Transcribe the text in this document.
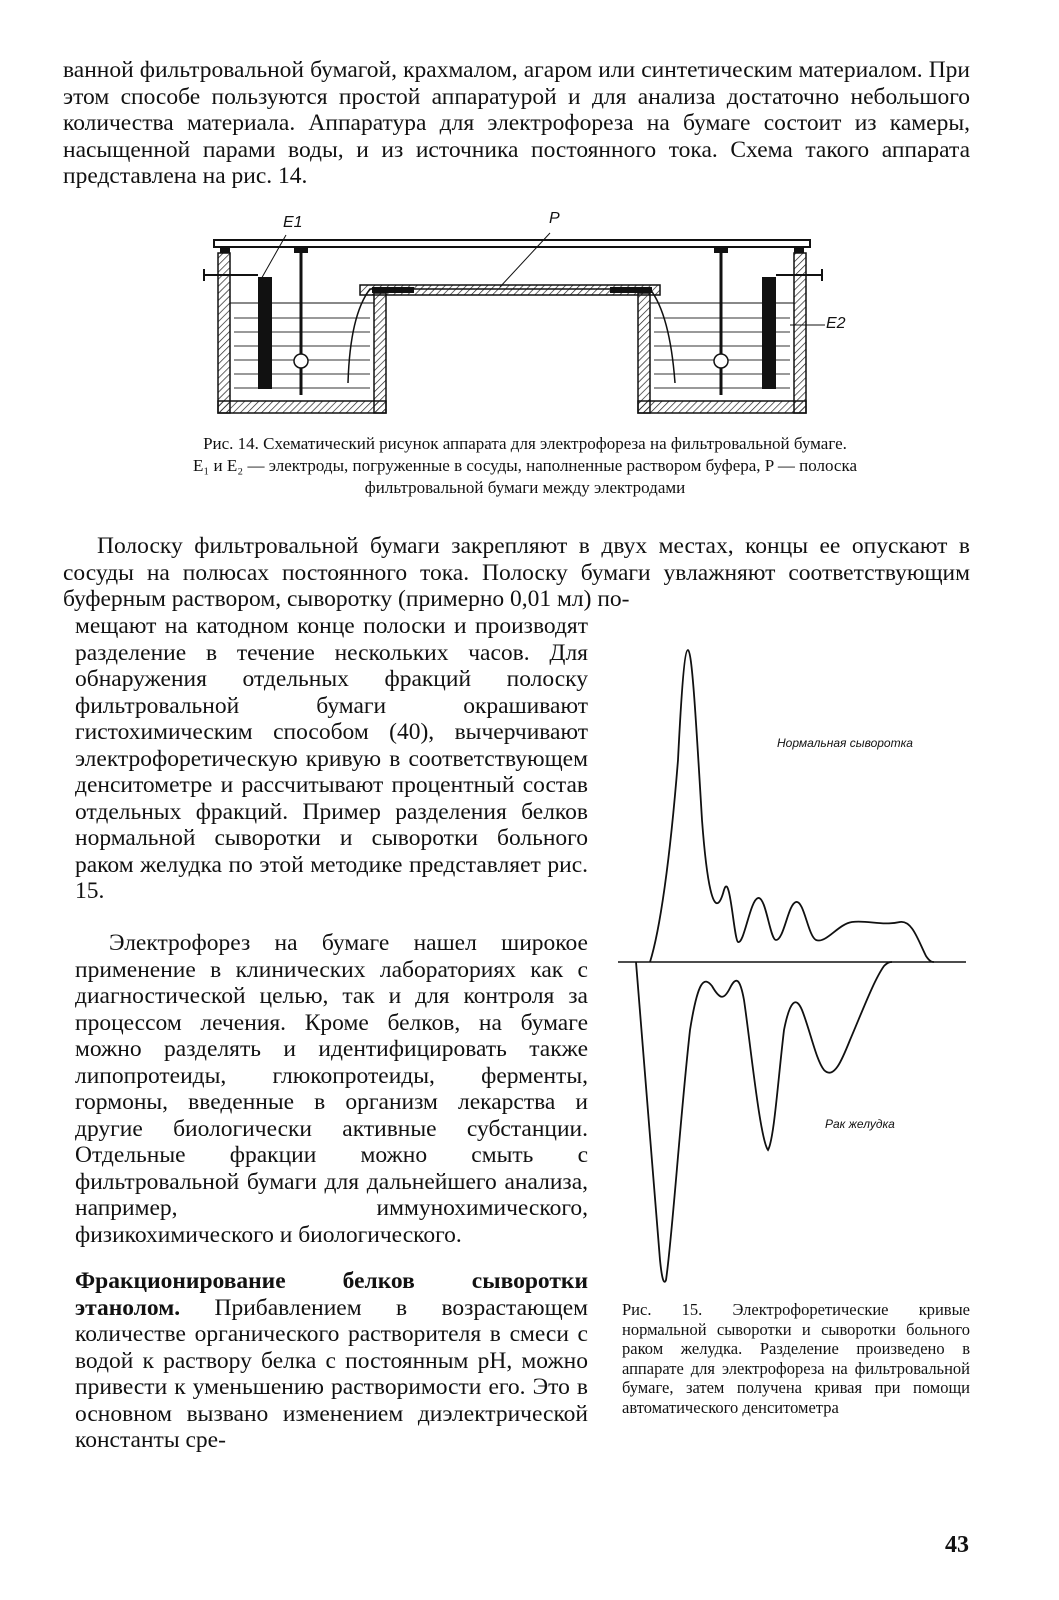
ванной фильтровальной бумагой, крахмалом, агаром или синтетическим материалом. При этом способе пользуются простой аппаратурой и для анализа достаточно небольшого количества материала. Аппаратура для электрофореза на бумаге состоит из камеры, насыщенной парами воды, и из источника постоянного тока. Схема такого аппарата представлена на рис. 14.

E1	P
E2

Рис. 14. Схематический рисунок аппарата для электрофореза на фильтровальной бумаге.

E₁ и E₂ — электроды, погруженные в сосуды, наполненные раствором буфера, P — полоска

фильтровальной бумаги между электродами

Полоску фильтровальной бумаги закрепляют в двух местах, концы ее опускают в сосуды на полюсах постоянного тока. Полоску бумаги увлажняют соответствующим буферным раствором, сыворотку (примерно 0,01 мл) по-

мещают на катодном конце полоски и производят разделение в течение нескольких часов. Для обнаружения отдельных фракций полоску фильтровальной бумаги окрашивают гистохимическим способом (40), вычерчивают электрофоретическую кривую в соответствующем денситометре и рассчитывают процентный состав отдельных фракций. Пример разделения белков нормальной сыворотки и сыворотки больного раком желудка по этой методике представляет рис. 15.

Электрофорез на бумаге нашел широкое применение в клинических лабораториях как с диагностической целью, так и для контроля за процессом лечения. Кроме белков, на бумаге можно разделять и идентифицировать также липопротеиды, глюкопротеиды, ферменты, гормоны, введенные в организм лекарства и другие биологически активные субстанции. Отдельные фракции можно смыть с фильтровальной бумаги для дальнейшего анализа, например, иммунохимического, физикохимического и биологического.

Фракционирование белков сыворотки этанолом. Прибавлением в возрастающем количестве органического растворителя в смеси с водой к раствору белка с постоянным pH, можно привести к уменьшению растворимости его. Это в основном вызвано изменением диэлектрической константы сре-

Нормальная сыворотка
Рак желудка

Рис. 15. Электрофоретические кривые нормальной сыворотки и сыворотки больного раком желудка. Разделение произведено в аппарате для электрофореза на фильтровальной бумаге, затем получена кривая при помощи автоматического денситометра

43
